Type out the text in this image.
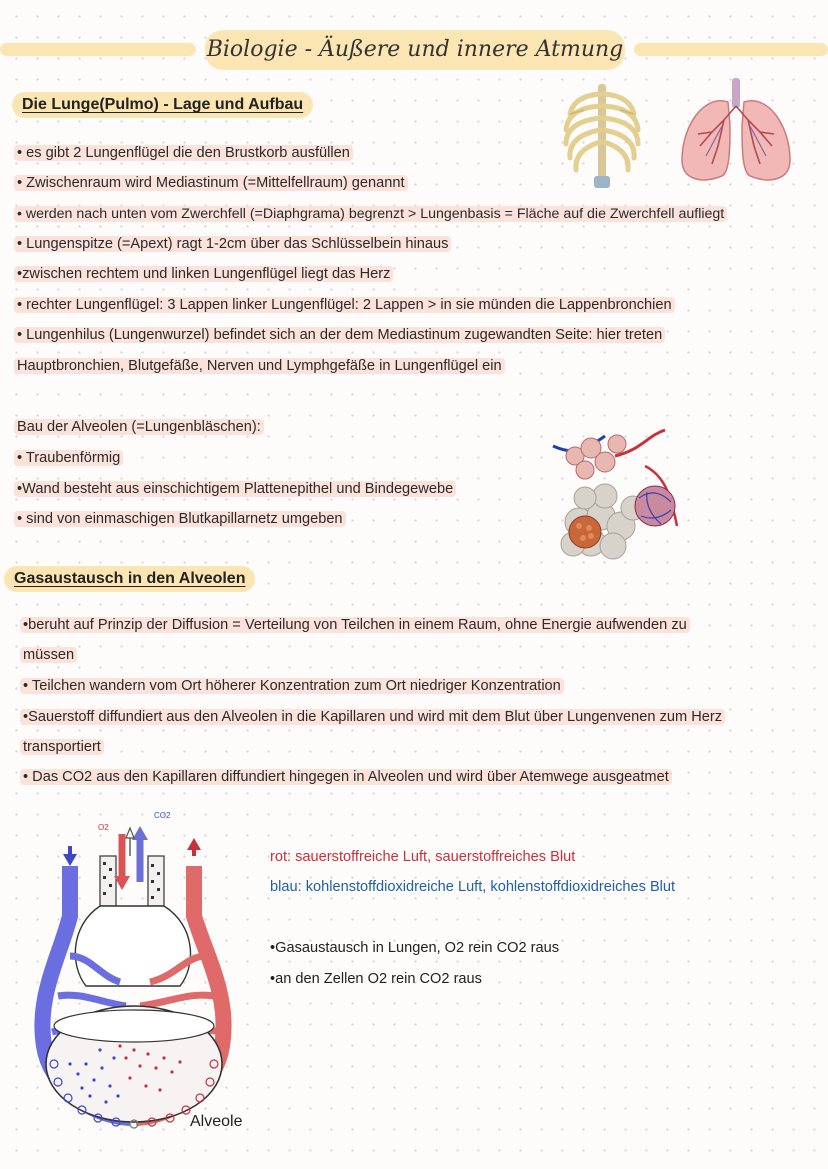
Biologie - Äußere und innere Atmung
Die Lunge(Pulmo) - Lage und Aufbau
• es gibt 2 Lungenflügel die den Brustkorb ausfüllen
• Zwischenraum wird Mediastinum (=Mittelfellraum) genannt
• werden nach unten vom Zwerchfell (=Diaphgrama) begrenzt > Lungenbasis = Fläche auf die Zwerchfell aufliegt
• Lungenspitze (=Apext) ragt 1-2cm über das Schlüsselbein hinaus
•zwischen rechtem und linken Lungenflügel liegt das Herz
• rechter Lungenflügel: 3 Lappen linker Lungenflügel: 2 Lappen > in sie münden die Lappenbronchien
• Lungenhilus (Lungenwurzel) befindet sich an der dem Mediastinum zugewandten Seite: hier treten
Hauptbronchien, Blutgefäße, Nerven und Lymphgefäße in Lungenflügel ein
Bau der Alveolen (=Lungenbläschen):
• Traubenförmig
•Wand besteht aus einschichtigem Plattenepithel und Bindegewebe
• sind von einmaschigen Blutkapillarnetz umgeben
Gasaustausch in den Alveolen
•beruht auf Prinzip der Diffusion = Verteilung von Teilchen in einem Raum, ohne Energie aufwenden zu
müssen
• Teilchen wandern vom Ort höherer Konzentration zum Ort niedriger Konzentration
•Sauerstoff diffundiert aus den Alveolen in die Kapillaren und wird mit dem Blut über Lungenvenen zum Herz
transportiert
• Das CO2 aus den Kapillaren diffundiert hingegen in Alveolen und wird über Atemwege ausgeatmet
O2
CO2
Alveole
rot: sauerstoffreiche Luft, sauerstoffreiches Blut
blau: kohlenstoffdioxidreiche Luft, kohlenstoffdioxidreiches Blut
•Gasaustausch in Lungen, O2 rein CO2 raus
•an den Zellen O2 rein CO2 raus
